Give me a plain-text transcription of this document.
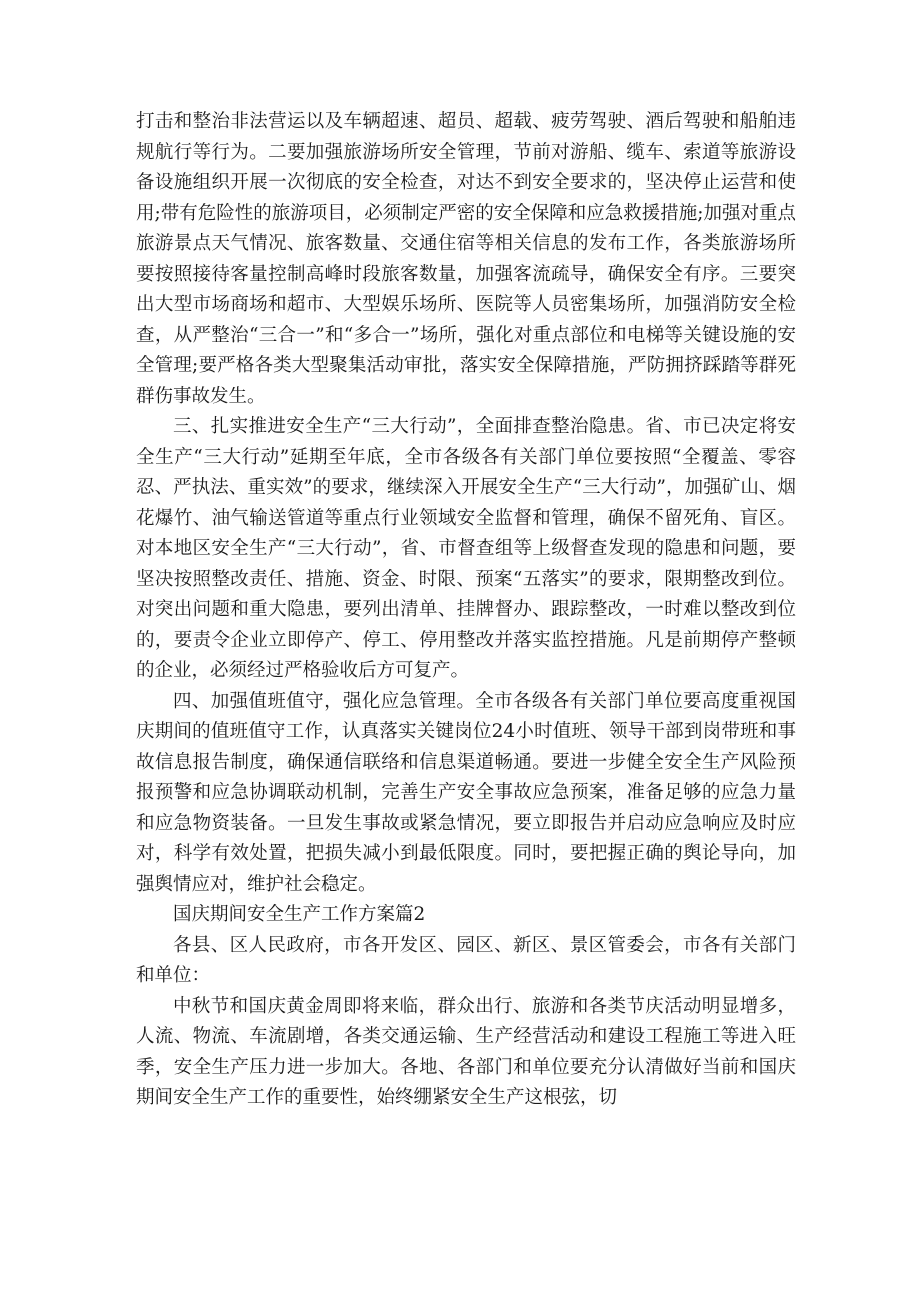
打击和整治非法营运以及车辆超速、超员、超载、疲劳驾驶、酒后驾驶和船舶违规航行等行为。二要加强旅游场所安全管理，节前对游船、缆车、索道等旅游设备设施组织开展一次彻底的安全检查，对达不到安全要求的，坚决停止运营和使用;带有危险性的旅游项目，必须制定严密的安全保障和应急救援措施;加强对重点旅游景点天气情况、旅客数量、交通住宿等相关信息的发布工作，各类旅游场所要按照接待客量控制高峰时段旅客数量，加强客流疏导，确保安全有序。三要突出大型市场商场和超市、大型娱乐场所、医院等人员密集场所，加强消防安全检查，从严整治“三合一”和“多合一”场所，强化对重点部位和电梯等关键设施的安全管理;要严格各类大型聚集活动审批，落实安全保障措施，严防拥挤踩踏等群死群伤事故发生。

三、扎实推进安全生产“三大行动”，全面排查整治隐患。省、市已决定将安全生产“三大行动”延期至年底，全市各级各有关部门单位要按照“全覆盖、零容忍、严执法、重实效”的要求，继续深入开展安全生产“三大行动”，加强矿山、烟花爆竹、油气输送管道等重点行业领域安全监督和管理，确保不留死角、盲区。对本地区安全生产“三大行动”，省、市督查组等上级督查发现的隐患和问题，要坚决按照整改责任、措施、资金、时限、预案“五落实”的要求，限期整改到位。对突出问题和重大隐患，要列出清单、挂牌督办、跟踪整改，一时难以整改到位的，要责令企业立即停产、停工、停用整改并落实监控措施。凡是前期停产整顿的企业，必须经过严格验收后方可复产。

四、加强值班值守，强化应急管理。全市各级各有关部门单位要高度重视国庆期间的值班值守工作，认真落实关键岗位24小时值班、领导干部到岗带班和事故信息报告制度，确保通信联络和信息渠道畅通。要进一步健全安全生产风险预报预警和应急协调联动机制，完善生产安全事故应急预案，准备足够的应急力量和应急物资装备。一旦发生事故或紧急情况，要立即报告并启动应急响应及时应对，科学有效处置，把损失减小到最低限度。同时，要把握正确的舆论导向，加强舆情应对，维护社会稳定。

国庆期间安全生产工作方案篇2

各县、区人民政府，市各开发区、园区、新区、景区管委会，市各有关部门和单位：

中秋节和国庆黄金周即将来临，群众出行、旅游和各类节庆活动明显增多，人流、物流、车流剧增，各类交通运输、生产经营活动和建设工程施工等进入旺季，安全生产压力进一步加大。各地、各部门和单位要充分认清做好当前和国庆期间安全生产工作的重要性，始终绷紧安全生产这根弦，切
